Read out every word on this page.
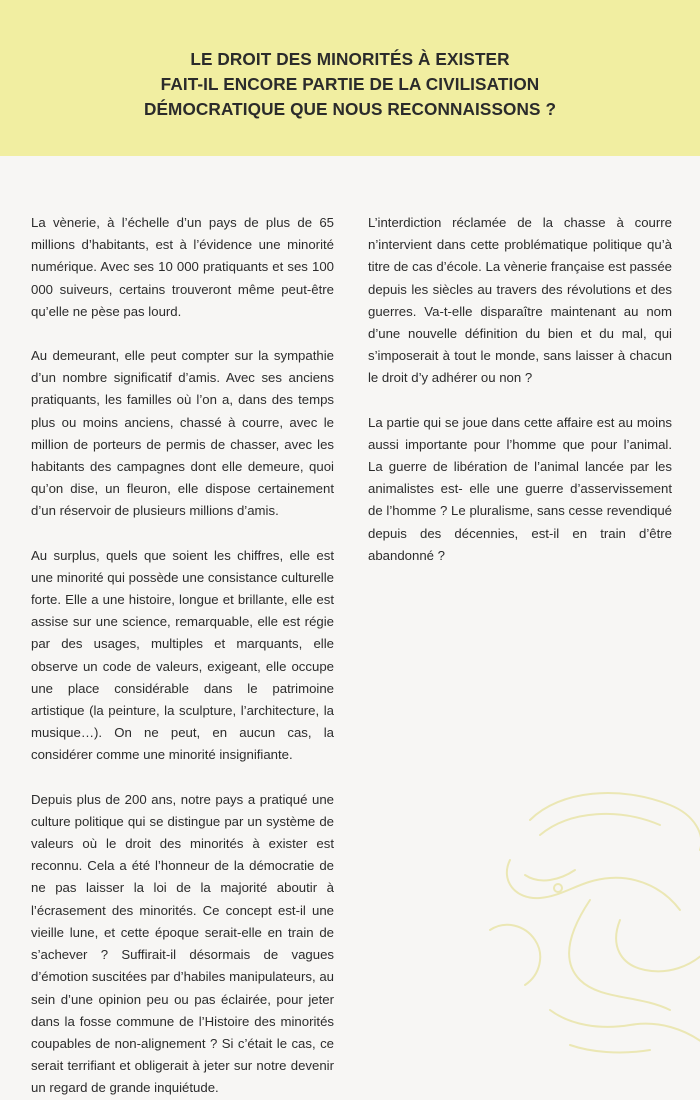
LE DROIT DES MINORITÉS À EXISTER
FAIT-IL ENCORE PARTIE DE LA CIVILISATION
DÉMOCRATIQUE QUE NOUS RECONNAISSONS ?

La vènerie, à l’échelle d’un pays de plus de 65 millions d’habitants, est à l’évidence une minorité numérique. Avec ses 10 000 pratiquants et ses 100 000 suiveurs, certains trouveront même peut-être qu’elle ne pèse pas lourd.

Au demeurant, elle peut compter sur la sympathie d’un nombre significatif d’amis. Avec ses anciens pratiquants, les familles où l’on a, dans des temps plus ou moins anciens, chassé à courre, avec le million de porteurs de permis de chasser, avec les habitants des campagnes dont elle demeure, quoi qu’on dise, un fleuron, elle dispose certainement d’un réservoir de plusieurs millions d’amis.

Au surplus, quels que soient les chiffres, elle est une minorité qui possède une consistance culturelle forte. Elle a une histoire, longue et brillante, elle est assise sur une science, remarquable, elle est régie par des usages, multiples et marquants, elle observe un code de valeurs, exigeant, elle occupe une place considérable dans le patrimoine artistique (la peinture, la sculpture, l’architecture, la musique…). On ne peut, en aucun cas, la considérer comme une minorité insignifiante.

Depuis plus de 200 ans, notre pays a pratiqué une culture politique qui se distingue par un système de valeurs où le droit des minorités à exister est reconnu. Cela a été l’honneur de la démocratie de ne pas laisser la loi de la majorité aboutir à l’écrasement des minorités. Ce concept est-il une vieille lune, et cette époque serait-elle en train de s’achever ? Suffirait-il désormais de vagues d’émotion suscitées par d’habiles manipulateurs, au sein d’une opinion peu ou pas éclairée, pour jeter dans la fosse commune de l’Histoire des minorités coupables de non-alignement ? Si c’était le cas, ce serait terrifiant et obligerait à jeter sur notre devenir un regard de grande inquiétude.

L’interdiction réclamée de la chasse à courre n’intervient dans cette problématique politique qu’à titre de cas d’école. La vènerie française est passée depuis les siècles au travers des révolutions et des guerres. Va-t-elle disparaître maintenant au nom d’une nouvelle définition du bien et du mal, qui s’imposerait à tout le monde, sans laisser à chacun le droit d’y adhérer ou non ?

La partie qui se joue dans cette affaire est au moins aussi importante pour l’homme que pour l’animal. La guerre de libération de l’animal lancée par les animalistes est- elle une guerre d’asservissement de l’homme ? Le pluralisme, sans cesse revendiqué depuis des décennies, est-il en train d’être abandonné ?
